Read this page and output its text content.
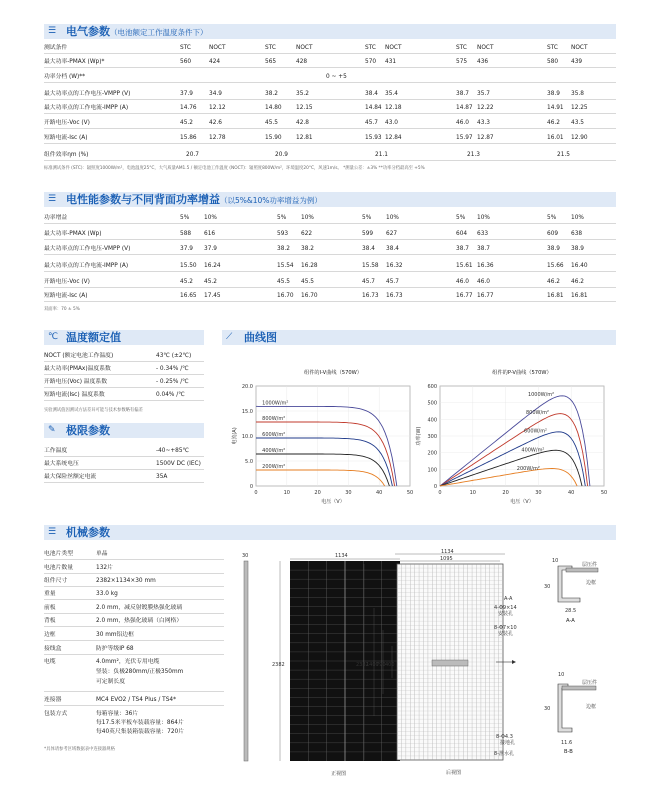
☰ 电气参数（电池额定工作温度条件下）
测试条件	STC	NOCT	STC	NOCT	STC NOCT	STC NOCT	STC NOCT
最大功率-PMAX (Wp)*	560	424	565	428	570 431	575 436	580 439
功率分档 (W)**	0 ~ +5
最大功率点的工作电压-VMPP (V)	37.9	34.9	38.2	35.2	38.4 35.4	38.7 35.7	38.9 35.8
最大功率点的工作电流-IMPP (A)	14.76 12.12	14.80 12.15	14.84 12.18	14.87 12.22	14.91 12.25
开路电压-Voc (V)	45.2	42.6	45.5	42.8	45.7 43.0	46.0 43.3	46.2 43.5
短路电流-Isc (A)	15.86 12.78	15.90 12.81	15.93 12.84	15.97 12.87	16.01 12.90
组件效率ηm (%)	20.7	20.9	21.1	21.3	21.5
标准测试条件 (STC)：辐照度1000W/m²，电池温度25°C，大气质量AM1.5 / 额定电池工作温度 (NOCT)：辐照度800W/m²，环境温度20°C，风速1m/s。 *测量公差：±3% **功率分档最高至 +5%
☰ 电性能参数与不同背面功率增益（以5%&10%功率增益为例）
功率增益	5%	10%	5%	10%	5%	10%	5% 10%	5%	10%
最大功率-PMAX (Wp)	588 616	593 622	599 627	604 633	609 638
最大功率点的工作电压-VMPP (V)	37.9 37.9	38.2 38.2	38.4 38.4	38.7 38.7	38.9 38.9
最大功率点的工作电流-IMPP (A)	15.50 16.24	15.54 16.28	15.58 16.32	15.61 16.36	15.66 16.40
开路电压-Voc (V)	45.2 45.2	45.5 45.5	45.7 45.7	46.0 46.0	46.2 46.2
短路电流-Isc (A)	16.65 17.45	16.70 16.70	16.73 16.73	16.77 16.77	16.81 16.81
双面率：70 ± 5%
℃ 温度额定值
NOCT (额定电池工作温度)	43℃ (±2℃)
最大功率(PMAx)温度系数	- 0.34% /℃
开路电压(Voc) 温度系数	- 0.25% /℃
短路电流(Isc) 温度系数	0.04% /℃
实验测试值因测试方法差异可能与技术参数略有偏差
✎ 极限参数
工作温度	-40~+85℃
最大系统电压	1500V DC (IEC)
最大保险丝额定电流	35A
⟋	曲线图
组件的I-V曲线（570W）
0	10	20	30	40	50
0
5.0
10.0
15.0
20.0
电压（V）
电流(A)
1000W/m²
800W/m²
600W/m²
400W/m²
200W/m²
组件的P-V曲线（570W）
0	10	20	30	40	50
0
100
200
300
400
500
600
电压（V）
功率(W)
1000W/m²
800W/m²
600W/m²
400W/m²
200W/m²
☰ 机械参数
电池片类型	单晶
电池片数量	132片
组件尺寸	2382×1134×30 mm
重量	33.0 kg
前板	2.0 mm，减反射镀膜热强化玻璃
背板	2.0 mm，热强化玻璃（白网格）
边框	30 mm铝边框
接线盒	防护等级IP 68
电缆	4.0mm²，光伏专用电缆
竖装：负极280mm/正极350mm
可定制长度
连接器	MC4 EVO2 / TS4 Plus / TS4*
包装方式	每箱容量：36片
每17.5米平板车装载容量：864片
每40英尺集装箱装载容量：720片
*具体请参考区域数据表中连接器规格
30	1134
2382
正视图
1134
1095
2382
1400
790 400
A-A
4-Φ9×14
安装孔
8-Φ7×10
安装孔
8-Φ4.3
接地孔
8-泄水孔
后视图
10
30
28.5
层压件
边框
A-A
10
30
11.6
层压件
边框
B-B
